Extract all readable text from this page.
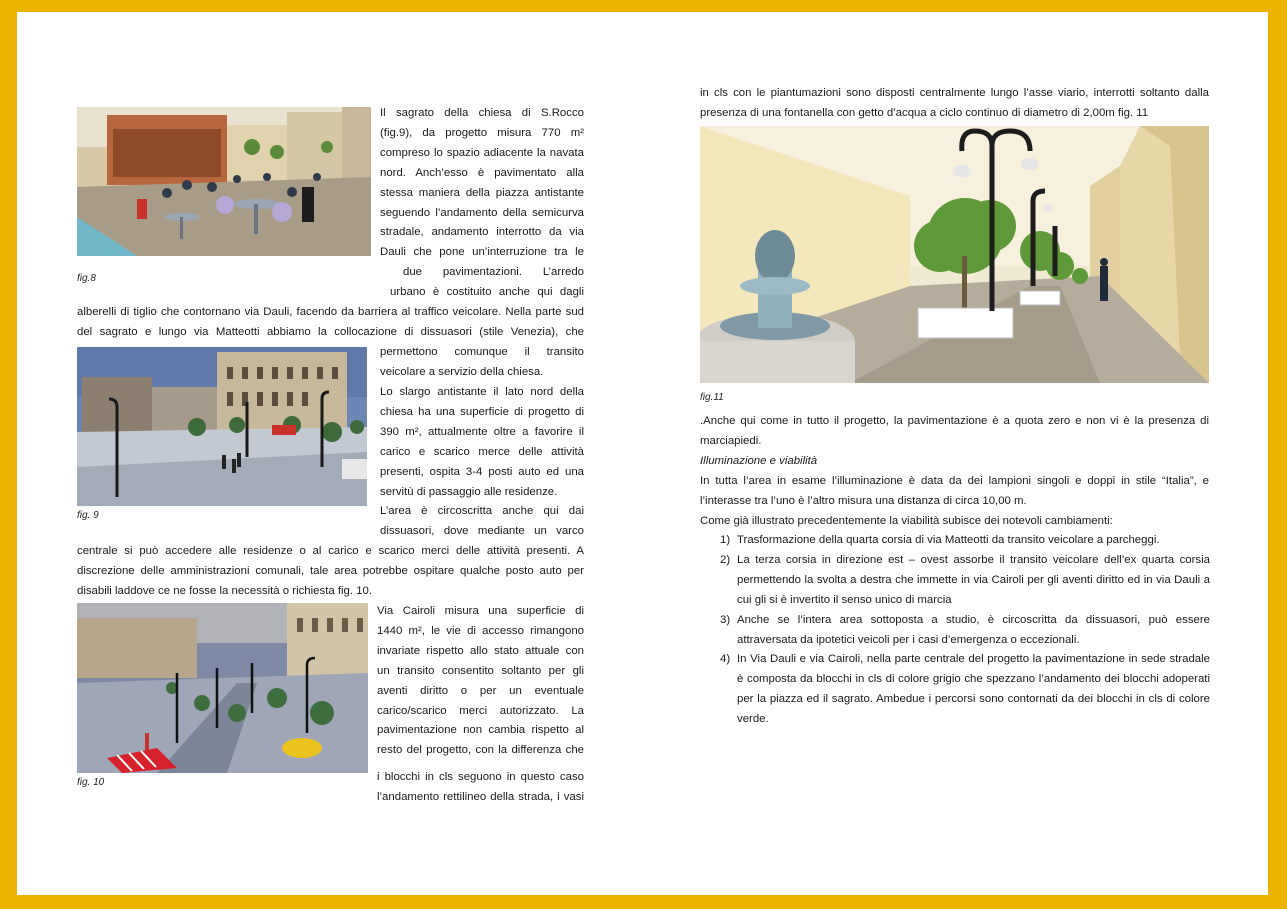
fig.8
Il sagrato della chiesa di S.Rocco
(fig.9), da progetto misura 770 m²
compreso lo spazio adiacente la navata
nord. Anch’esso è pavimentato alla
stessa maniera della piazza antistante
seguendo l’andamento della semicurva
stradale, andamento interrotto da via
Dauli che pone un’interruzione tra le
due pavimentazioni. L’arredo
urbano è costituito anche qui dagli
alberelli di tiglio che contornano via Dauli, facendo da barriera al traffico veicolare. Nella parte sud
del sagrato e lungo via Matteotti abbiamo la collocazione di dissuasori (stile Venezia), che
fig. 9
permettono comunque il transito
veicolare a servizio della chiesa.
Lo slargo antistante il lato nord della
chiesa ha una superficie di progetto di
390 m², attualmente oltre a favorire il
carico e scarico merce delle attività
presenti, ospita 3-4 posti auto ed una
servitù di passaggio alle residenze.
L’area è circoscritta anche qui dai
dissuasori, dove mediante un varco
centrale si può accedere alle residenze o al carico e scarico merci delle attività presenti. A
discrezione delle amministrazioni comunali, tale area potrebbe ospitare qualche posto auto per
disabili laddove ce ne fosse la necessità o richiesta fig. 10.
fig. 10
Via Cairoli misura una superficie di
1440 m², le vie di accesso rimangono
invariate rispetto allo stato attuale con
un transito consentito soltanto per gli
aventi diritto o per un eventuale
carico/scarico merci autorizzato. La
pavimentazione non cambia rispetto al
resto del progetto, con la differenza che
i blocchi in cls seguono in questo caso
l’andamento rettilineo della strada, i vasi
in cls con le piantumazioni sono disposti centralmente lungo l’asse viario, interrotti soltanto dalla
presenza di una fontanella con getto d’acqua a ciclo continuo di diametro di 2,00m fig. 11
fig.11
.Anche qui come in tutto il progetto, la pavimentazione è a quota zero e non vi è la presenza di
marciapiedi.
Illuminazione e viabilità
In tutta l’area in esame l’illuminazione è data da dei lampioni singoli e doppi in stile “Italia”, e
l’interasse tra l’uno è l’altro misura una distanza di circa 10,00 m.
Come già illustrato precedentemente la viabilità subisce dei notevoli cambiamenti:
1) Trasformazione della quarta corsia di via Matteotti da transito veicolare a parcheggi.
2) La terza corsia in direzione est – ovest assorbe il transito veicolare dell’ex quarta corsia permettendo la svolta a destra che immette in via Cairoli per gli aventi diritto ed in via Dauli a cui gli si è invertito il senso unico di marcia
3) Anche se l’intera area sottoposta a studio, è circoscritta da dissuasori, può essere attraversata da ipotetici veicoli per i casi d’emergenza o eccezionali.
4) In Via Dauli e via Cairoli, nella parte centrale del progetto la pavimentazione in sede stradale è composta da blocchi in cls di colore grigio che spezzano l’andamento dei blocchi adoperati per la piazza ed il sagrato. Ambedue i percorsi sono contornati da dei blocchi in cls di colore verde.
